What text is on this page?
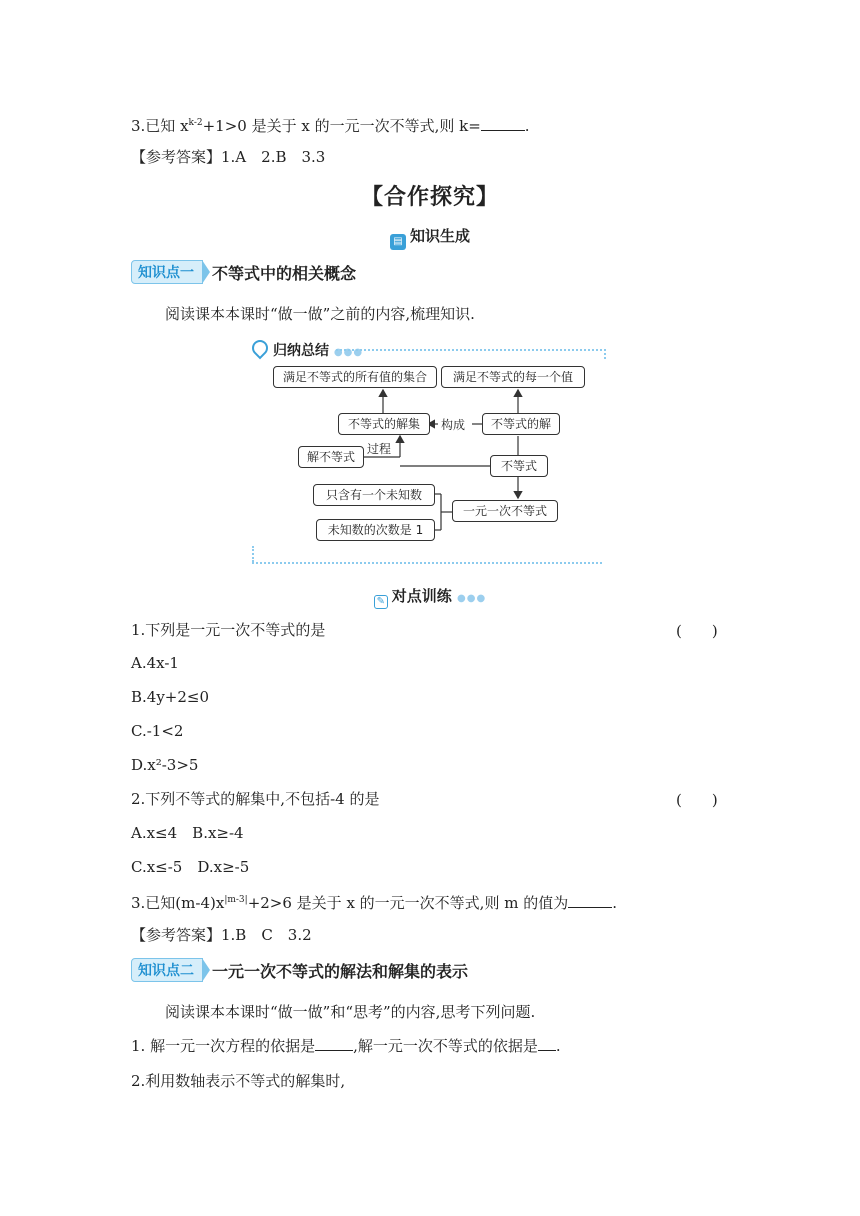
3.已知 $x^{k-2}+1>0$ 是关于 x 的一元一次不等式,则 k=	.
【参考答案】1.A　2.B　3.3
【合作探究】
▤ 知识生成
知识点一 不等式中的相关概念
阅读课本本课时“做一做”之前的内容,梳理知识.
归纳总结 ●●●
满足不等式的所有值的集合	满足不等式的每一个值
不等式的解集	构成	不等式的解
过程
解不等式
不等式
只含有一个未知数
一元一次不等式
未知数的次数是 1
✎ 对点训练 ●●●
1.下列是一元一次不等式的是	(　　)
A.4x-1
B.4y+2≤0
C.-1<2
D.x²-3>5
2.下列不等式的解集中,不包括-4 的是	(　　)
A.x≤4　B.x≥-4
C.x≤-5　D.x≥-5
3.已知$(m-4)x^{|m-3|}+2>6$ 是关于 x 的一元一次不等式,则 m 的值为	.
【参考答案】1.B　C　3.2
知识点二 一元一次不等式的解法和解集的表示
阅读课本本课时“做一做”和“思考”的内容,思考下列问题.
1. 解一元一次方程的依据是	,解一元一次不等式的依据是 .
2.利用数轴表示不等式的解集时,
